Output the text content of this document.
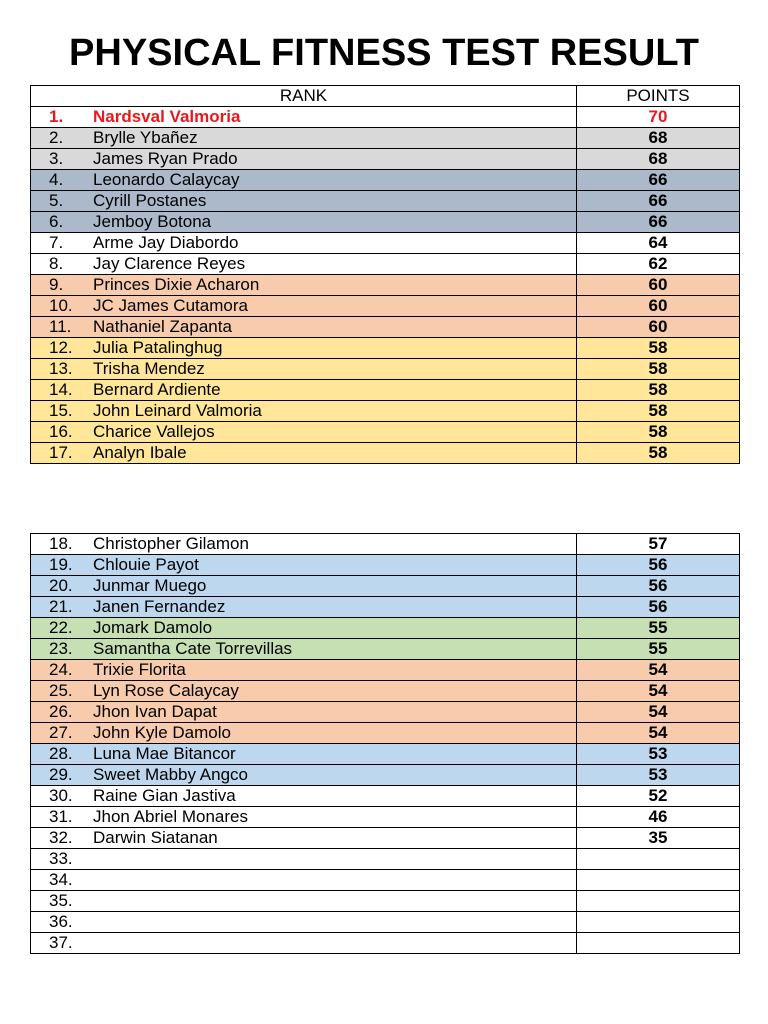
PHYSICAL FITNESS TEST RESULT
RANK	POINTS
1. Nardsval Valmoria	70
2. Brylle Ybañez	68
3. James Ryan Prado	68
4. Leonardo Calaycay	66
5. Cyrill Postanes	66
6. Jemboy Botona	66
7. Arme Jay Diabordo	64
8. Jay Clarence Reyes	62
9. Princes Dixie Acharon	60
10. JC James Cutamora	60
11. Nathaniel Zapanta	60
12. Julia Patalinghug	58
13. Trisha Mendez	58
14. Bernard Ardiente	58
15. John Leinard Valmoria	58
16. Charice Vallejos	58
17. Analyn Ibale	58
18. Christopher Gilamon	57
19. Chlouie Payot	56
20. Junmar Muego	56
21. Janen Fernandez	56
22. Jomark Damolo	55
23. Samantha Cate Torrevillas	55
24. Trixie Florita	54
25. Lyn Rose Calaycay	54
26. Jhon Ivan Dapat	54
27. John Kyle Damolo	54
28. Luna Mae Bitancor	53
29. Sweet Mabby Angco	53
30. Raine Gian Jastiva	52
31. Jhon Abriel Monares	46
32. Darwin Siatanan	35
33.	
34.	
35.	
36.	
37.	
